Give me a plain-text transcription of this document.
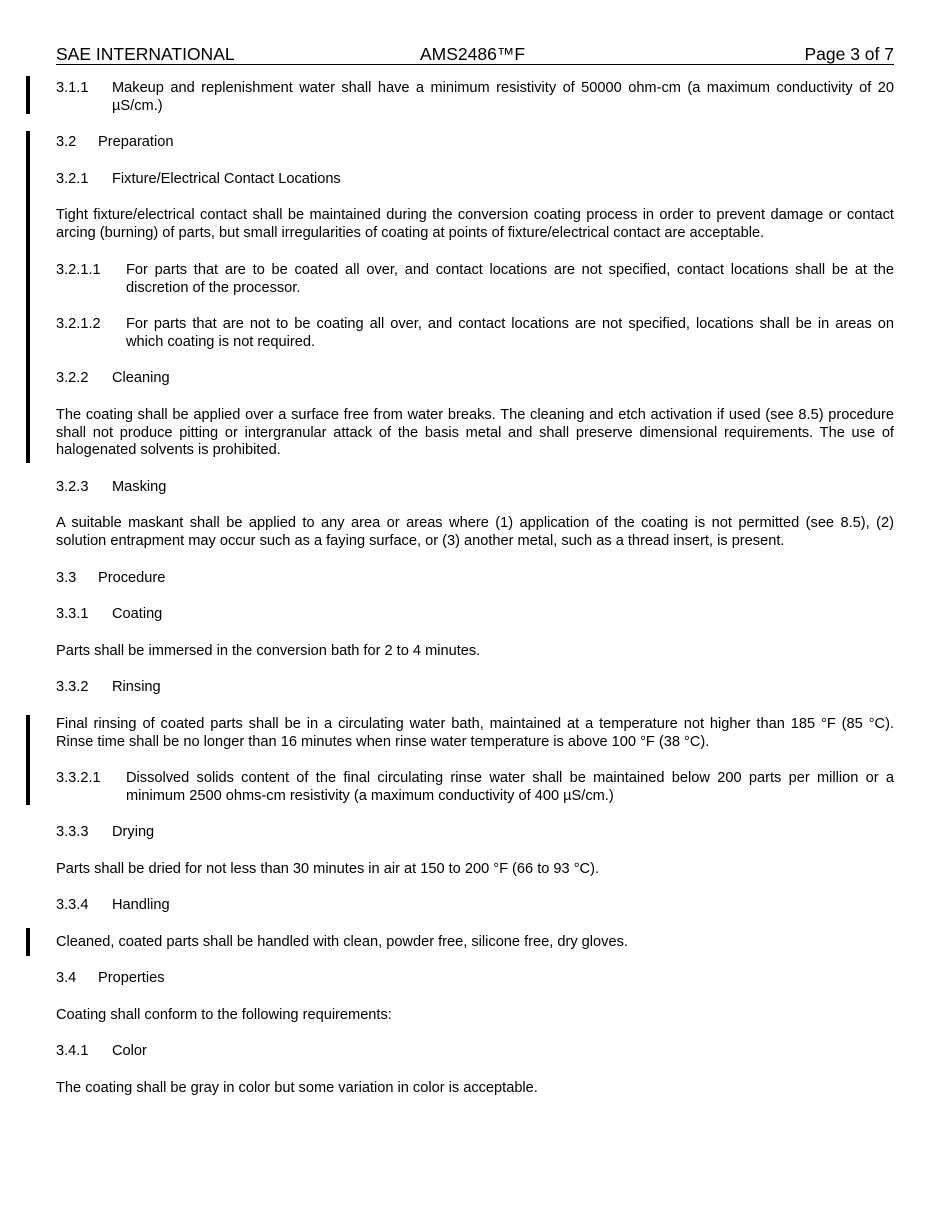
SAE INTERNATIONAL	AMS2486™F	Page 3 of 7
3.1.1	Makeup and replenishment water shall have a minimum resistivity of 50000 ohm-cm (a maximum conductivity of 20 µS/cm.)
3.2 Preparation
3.2.1 Fixture/Electrical Contact Locations
Tight fixture/electrical contact shall be maintained during the conversion coating process in order to prevent damage or contact arcing (burning) of parts, but small irregularities of coating at points of fixture/electrical contact are acceptable.
3.2.1.1	For parts that are to be coated all over, and contact locations are not specified, contact locations shall be at the discretion of the processor.
3.2.1.2	For parts that are not to be coating all over, and contact locations are not specified, locations shall be in areas on which coating is not required.
3.2.2 Cleaning
The coating shall be applied over a surface free from water breaks. The cleaning and etch activation if used (see 8.5) procedure shall not produce pitting or intergranular attack of the basis metal and shall preserve dimensional requirements. The use of halogenated solvents is prohibited.
3.2.3 Masking
A suitable maskant shall be applied to any area or areas where (1) application of the coating is not permitted (see 8.5), (2) solution entrapment may occur such as a faying surface, or (3) another metal, such as a thread insert, is present.
3.3 Procedure
3.3.1 Coating
Parts shall be immersed in the conversion bath for 2 to 4 minutes.
3.3.2 Rinsing
Final rinsing of coated parts shall be in a circulating water bath, maintained at a temperature not higher than 185 °F (85 °C). Rinse time shall be no longer than 16 minutes when rinse water temperature is above 100 °F (38 °C).
3.3.2.1	Dissolved solids content of the final circulating rinse water shall be maintained below 200 parts per million or a minimum 2500 ohms-cm resistivity (a maximum conductivity of 400 µS/cm.)
3.3.3 Drying
Parts shall be dried for not less than 30 minutes in air at 150 to 200 °F (66 to 93 °C).
3.3.4 Handling
Cleaned, coated parts shall be handled with clean, powder free, silicone free, dry gloves.
3.4 Properties
Coating shall conform to the following requirements:
3.4.1 Color
The coating shall be gray in color but some variation in color is acceptable.
